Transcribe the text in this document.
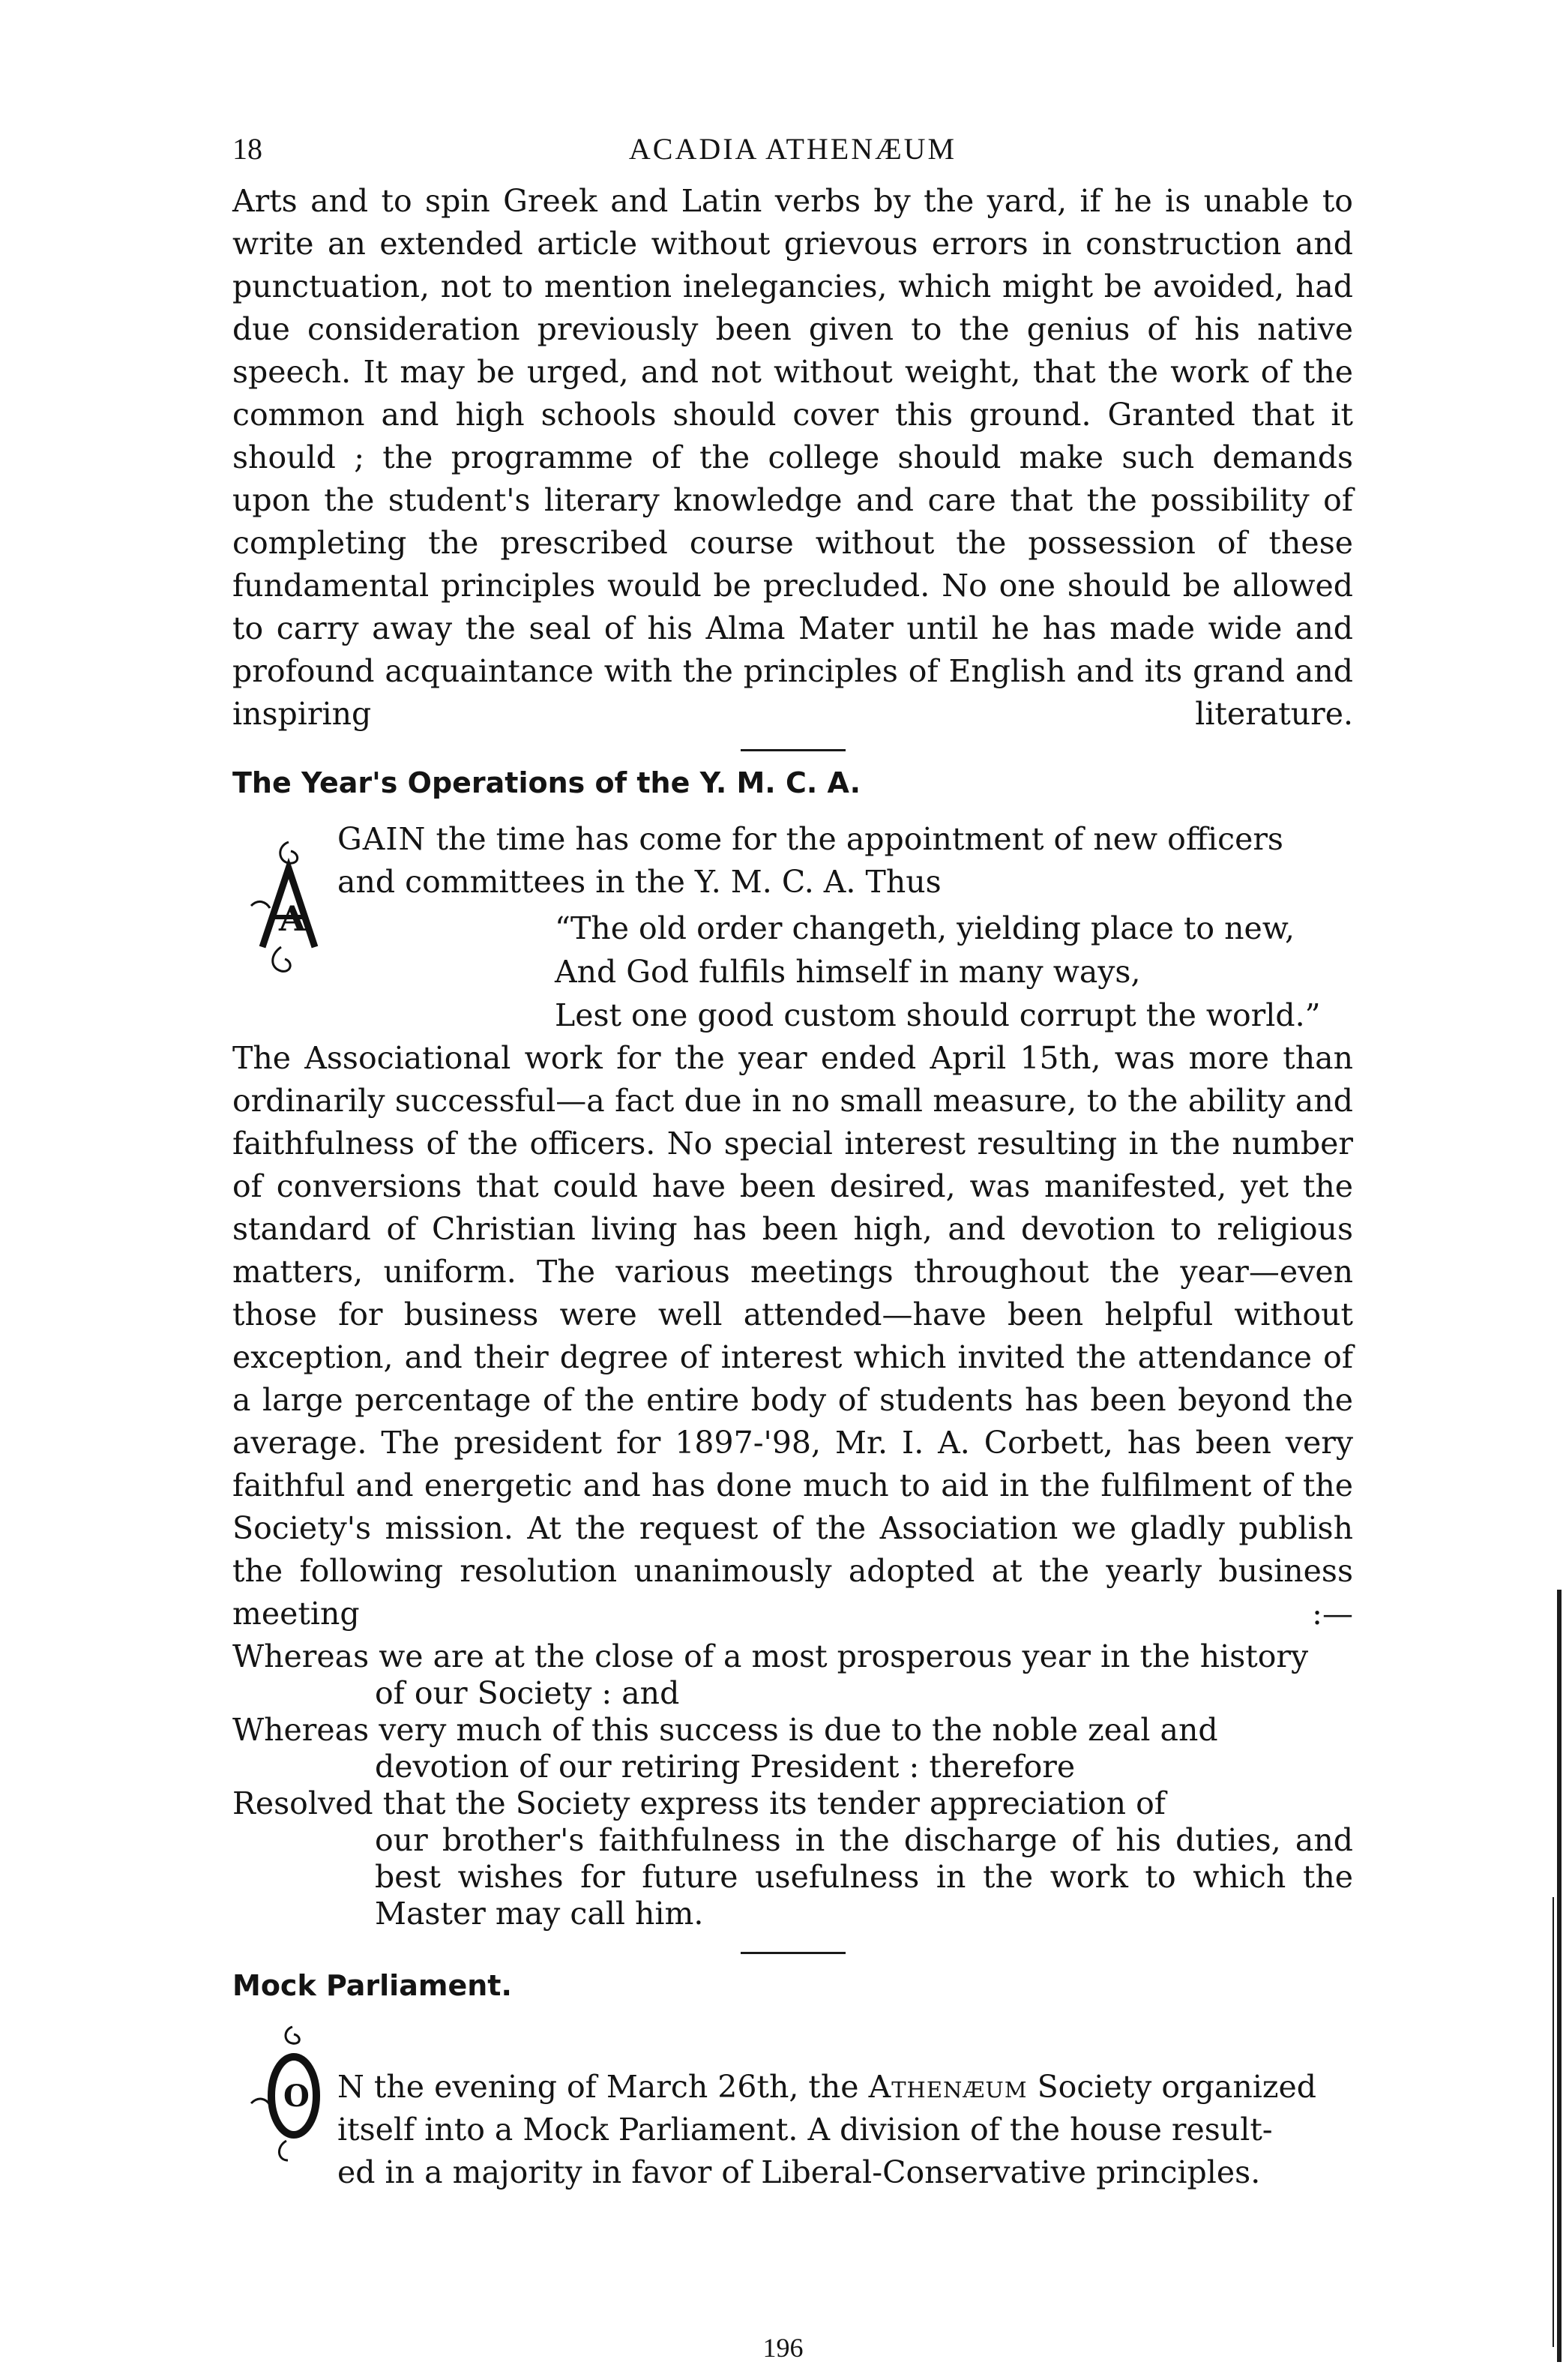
18	ACADIA ATHENÆUM

Arts and to spin Greek and Latin verbs by the yard, if he is unable to write an extended article without grievous errors in construction and punctuation, not to mention inelegancies, which might be avoided, had due consideration previously been given to the genius of his native speech. It may be urged, and not without weight, that the work of the common and high schools should cover this ground. Granted that it should ; the programme of the college should make such demands upon the student's literary knowledge and care that the possibility of completing the prescribed course without the possession of these fundamental principles would be precluded. No one should be allowed to carry away the seal of his Alma Mater until he has made wide and profound acquaintance with the principles of English and its grand and inspiring literature.

The Year's Operations of the Y. M. C. A.
A
GAIN the time has come for the appointment of new officers
and committees in the Y. M. C. A. Thus
“The old order changeth, yielding place to new,
And God fulfils himself in many ways,
Lest one good custom should corrupt the world.”

The Associational work for the year ended April 15th, was more than ordinarily successful—a fact due in no small measure, to the ability and faithfulness of the officers. No special interest resulting in the number of conversions that could have been desired, was manifested, yet the standard of Christian living has been high, and devotion to religious matters, uniform. The various meetings throughout the year—even those for business were well attended—have been helpful without exception, and their degree of interest which invited the attendance of a large percentage of the entire body of students has been beyond the average. The president for 1897-'98, Mr. I. A. Corbett, has been very faithful and energetic and has done much to aid in the fulfilment of the Society's mission. At the request of the Association we gladly publish the following resolution unanimously adopted at the yearly business meeting :—

Whereas we are at the close of a most prosperous year in the history
of our Society : and
Whereas very much of this success is due to the noble zeal and
devotion of our retiring President : therefore
Resolved that the Society express its tender appreciation of
our brother's faithfulness in the discharge of his duties, and best wishes for future usefulness in the work to which the Master may call him.
Mock Parliament.
O N the evening of March 26th, the Athenæum Society organized
itself into a Mock Parliament. A division of the house result-
ed in a majority in favor of Liberal-Conservative principles.
196
